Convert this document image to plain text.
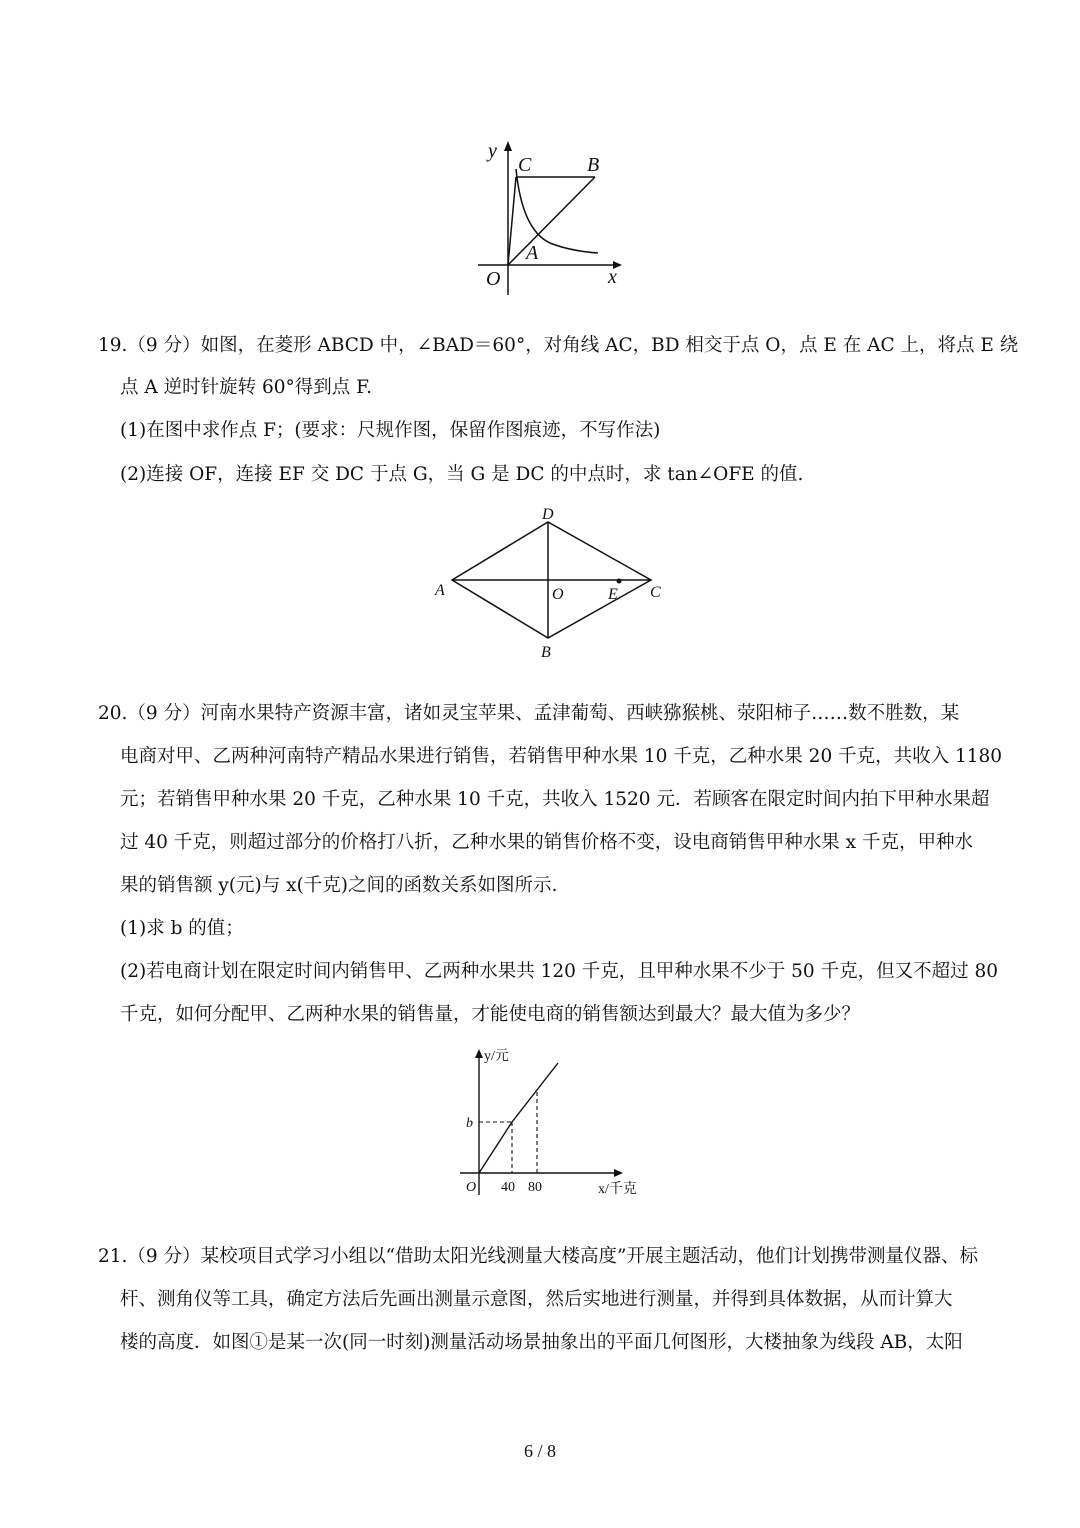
y
C	B
A
O	x
19.（9 分）如图，在菱形 ABCD 中，∠BAD＝60°，对角线 AC，BD 相交于点 O，点 E 在 AC 上，将点 E 绕
点 A 逆时针旋转 60°得到点 F.
(1)在图中求作点 F；(要求：尺规作图，保留作图痕迹，不写作法)
(2)连接 OF，连接 EF 交 DC 于点 G，当 G 是 DC 的中点时，求 tan∠OFE 的值.
D
A	O	E C
B
20.（9 分）河南水果特产资源丰富，诸如灵宝苹果、孟津葡萄、西峡猕猴桃、荥阳柿子……数不胜数，某
电商对甲、乙两种河南特产精品水果进行销售，若销售甲种水果 10 千克，乙种水果 20 千克，共收入 1180
元；若销售甲种水果 20 千克，乙种水果 10 千克，共收入 1520 元．若顾客在限定时间内拍下甲种水果超
过 40 千克，则超过部分的价格打八折，乙种水果的销售价格不变，设电商销售甲种水果 x 千克，甲种水
果的销售额 y(元)与 x(千克)之间的函数关系如图所示.
(1)求 b 的值；
(2)若电商计划在限定时间内销售甲、乙两种水果共 120 千克，且甲种水果不少于 50 千克，但又不超过 80
千克，如何分配甲、乙两种水果的销售量，才能使电商的销售额达到最大？最大值为多少？
y/元
b
O 40 80	x/千克
21.（9 分）某校项目式学习小组以“借助太阳光线测量大楼高度”开展主题活动，他们计划携带测量仪器、标
杆、测角仪等工具，确定方法后先画出测量示意图，然后实地进行测量，并得到具体数据，从而计算大
楼的高度．如图①是某一次(同一时刻)测量活动场景抽象出的平面几何图形，大楼抽象为线段 AB，太阳
6 / 8
